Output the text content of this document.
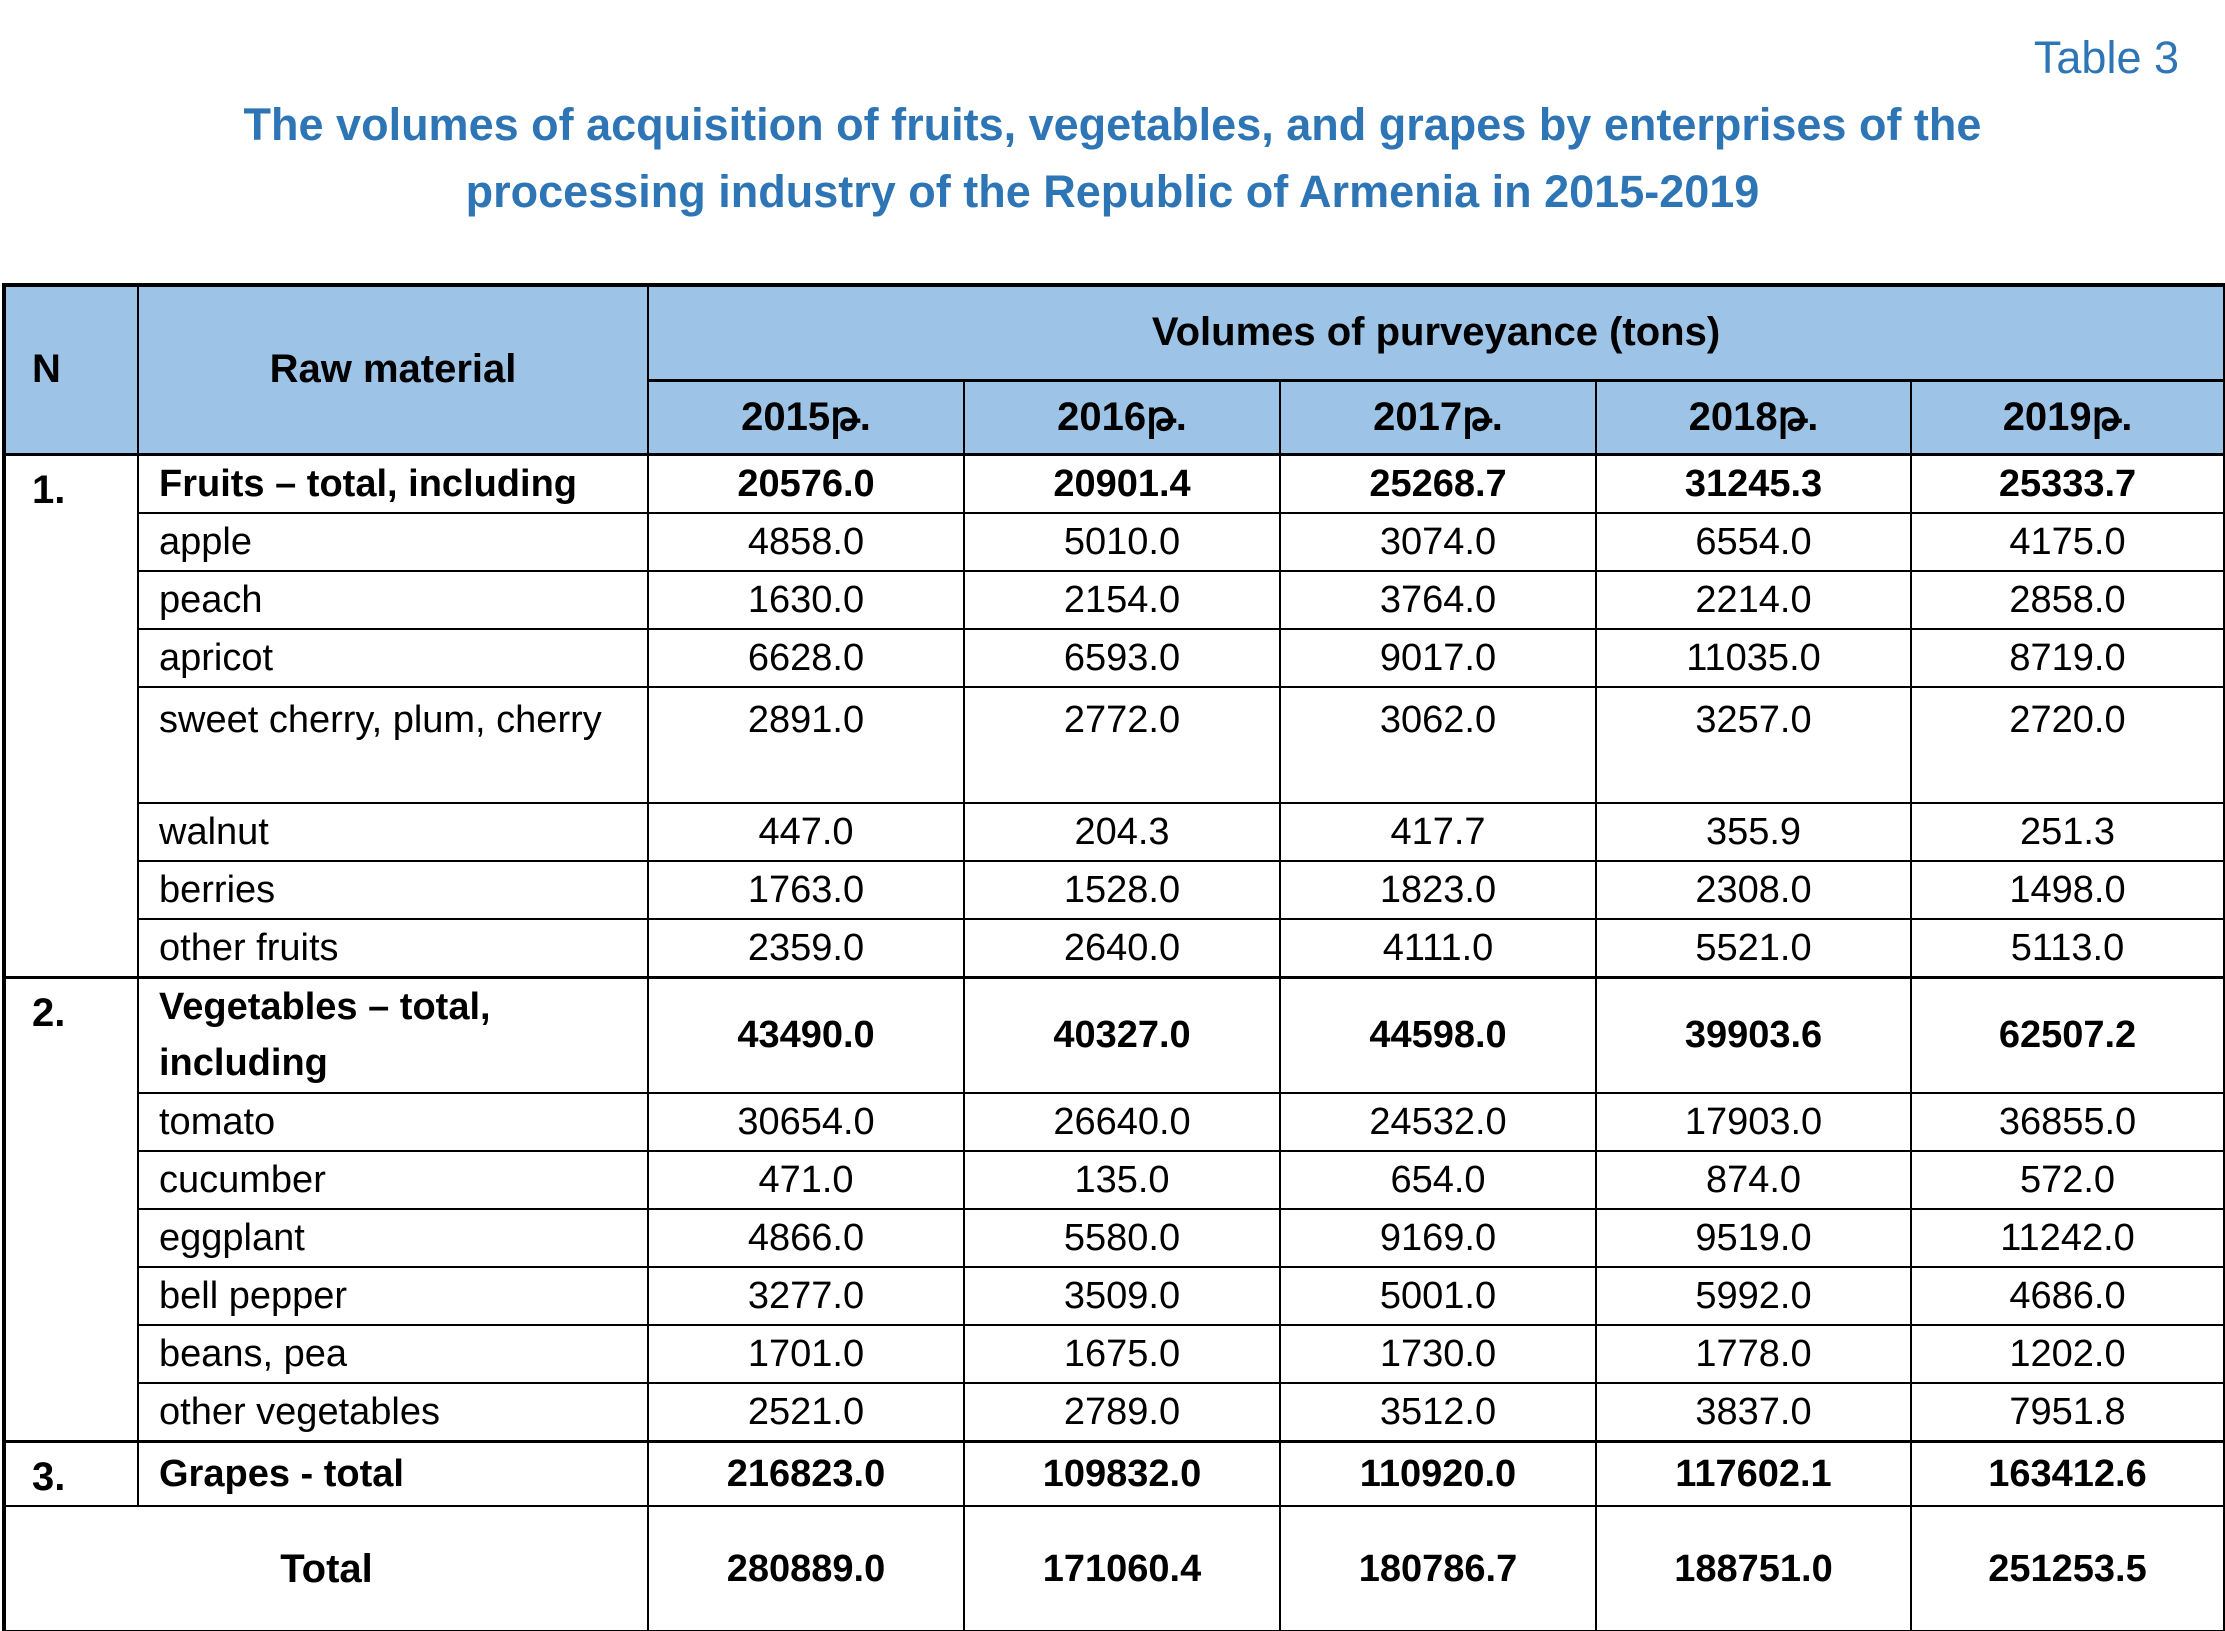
Table 3
The volumes of acquisition of fruits, vegetables, and grapes by enterprises of the
processing industry of the Republic of Armenia in 2015-2019
N	Raw material	Volumes of purveyance (tons)				
		2015թ.	2016թ.	2017թ.	2018թ.	2019թ.
1.	Fruits – total, including	20576.0	20901.4	25268.7	31245.3	25333.7
	apple	4858.0	5010.0	3074.0	6554.0	4175.0
	peach	1630.0	2154.0	3764.0	2214.0	2858.0
	apricot	6628.0	6593.0	9017.0	11035.0	8719.0
	sweet cherry, plum, cherry	2891.0	2772.0	3062.0	3257.0	2720.0
	walnut	447.0	204.3	417.7	355.9	251.3
	berries	1763.0	1528.0	1823.0	2308.0	1498.0
	other fruits	2359.0	2640.0	4111.0	5521.0	5113.0
2.	Vegetables – total, including	43490.0	40327.0	44598.0	39903.6	62507.2
	tomato	30654.0	26640.0	24532.0	17903.0	36855.0
	cucumber	471.0	135.0	654.0	874.0	572.0
	eggplant	4866.0	5580.0	9169.0	9519.0	11242.0
	bell pepper	3277.0	3509.0	5001.0	5992.0	4686.0
	beans, pea	1701.0	1675.0	1730.0	1778.0	1202.0
	other vegetables	2521.0	2789.0	3512.0	3837.0	7951.8
3.	Grapes - total	216823.0	109832.0	110920.0	117602.1	163412.6
Total		280889.0	171060.4	180786.7	188751.0	251253.5
